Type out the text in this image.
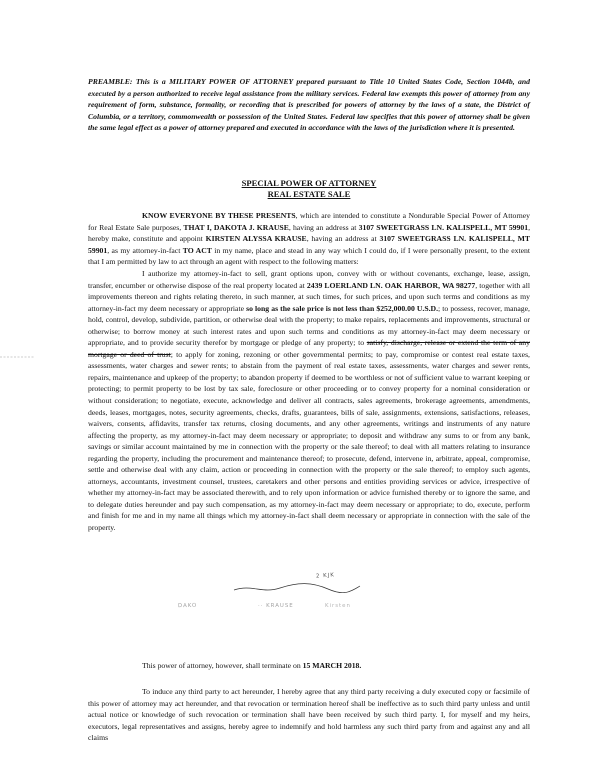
PREAMBLE: This is a MILITARY POWER OF ATTORNEY prepared pursuant to Title 10 United States Code, Section 1044b, and executed by a person authorized to receive legal assistance from the military services. Federal law exempts this power of attorney from any requirement of form, substance, formality, or recording that is prescribed for powers of attorney by the laws of a state, the District of Columbia, or a territory, commonwealth or possession of the United States. Federal law specifies that this power of attorney shall be given the same legal effect as a power of attorney prepared and executed in accordance with the laws of the jurisdiction where it is presented.
SPECIAL POWER OF ATTORNEY
REAL ESTATE SALE

KNOW EVERYONE BY THESE PRESENTS, which are intended to constitute a Nondurable Special Power of Attorney for Real Estate Sale purposes, THAT I, DAKOTA J. KRAUSE, having an address at 3107 SWEETGRASS LN. KALISPELL, MT 59901, hereby make, constitute and appoint KIRSTEN ALYSSA KRAUSE, having an address at 3107 SWEETGRASS LN. KALISPELL, MT 59901, as my attorney-in-fact TO ACT in my name, place and stead in any way which I could do, if I were personally present, to the extent that I am permitted by law to act through an agent with respect to the following matters:

I authorize my attorney-in-fact to sell, grant options upon, convey with or without covenants, exchange, lease, assign, transfer, encumber or otherwise dispose of the real property located at 2439 LOERLAND LN. OAK HARBOR, WA 98277, together with all improvements thereon and rights relating thereto, in such manner, at such times, for such prices, and upon such terms and conditions as my attorney-in-fact my deem necessary or appropriate so long as the sale price is not less than $252,000.00 U.S.D.; to possess, recover, manage, hold, control, develop, subdivide, partition, or otherwise deal with the property; to make repairs, replacements and improvements, structural or otherwise; to borrow money at such interest rates and upon such terms and conditions as my attorney-in-fact may deem necessary or appropriate, and to provide security therefor by mortgage or pledge of any property; to satisfy, discharge, release or extend the term of any mortgage or deed of trust; to apply for zoning, rezoning or other governmental permits; to pay, compromise or contest real estate taxes, assessments, water charges and sewer rents; to abstain from the payment of real estate taxes, assessments, water charges and sewer rents, repairs, maintenance and upkeep of the property; to abandon property if deemed to be worthless or not of sufficient value to warrant keeping or protecting; to permit property to be lost by tax sale, foreclosure or other proceeding or to convey property for a nominal consideration or without consideration; to negotiate, execute, acknowledge and deliver all contracts, sales agreements, brokerage agreements, amendments, deeds, leases, mortgages, notes, security agreements, checks, drafts, guarantees, bills of sale, assignments, extensions, satisfactions, releases, waivers, consents, affidavits, transfer tax returns, closing documents, and any other agreements, writings and instruments of any nature affecting the property, as my attorney-in-fact may deem necessary or appropriate; to deposit and withdraw any sums to or from any bank, savings or similar account maintained by me in connection with the property or the sale thereof; to deal with all matters relating to insurance regarding the property, including the procurement and maintenance thereof; to prosecute, defend, intervene in, arbitrate, appeal, compromise, settle and otherwise deal with any claim, action or proceeding in connection with the property or the sale thereof; to employ such agents, attorneys, accountants, investment counsel, trustees, caretakers and other persons and entities providing services or advice, irrespective of whether my attorney-in-fact may be associated therewith, and to rely upon information or advice furnished thereby or to ignore the same, and to delegate duties hereunder and pay such compensation, as my attorney-in-fact may deem necessary or appropriate; to do, execute, perform and finish for me and in my name all things which my attorney-in-fact shall deem necessary or appropriate in connection with the sale of the property.

2 KJK
DAKO	·· KRAUSE	Kirsten

This power of attorney, however, shall terminate on 15 MARCH 2018.

To induce any third party to act hereunder, I hereby agree that any third party receiving a duly executed copy or facsimile of this power of attorney may act hereunder, and that revocation or termination hereof shall be ineffective as to such third party unless and until actual notice or knowledge of such revocation or termination shall have been received by such third party. I, for myself and my heirs, executors, legal representatives and assigns, hereby agree to indemnify and hold harmless any such third party from and against any and all claims
